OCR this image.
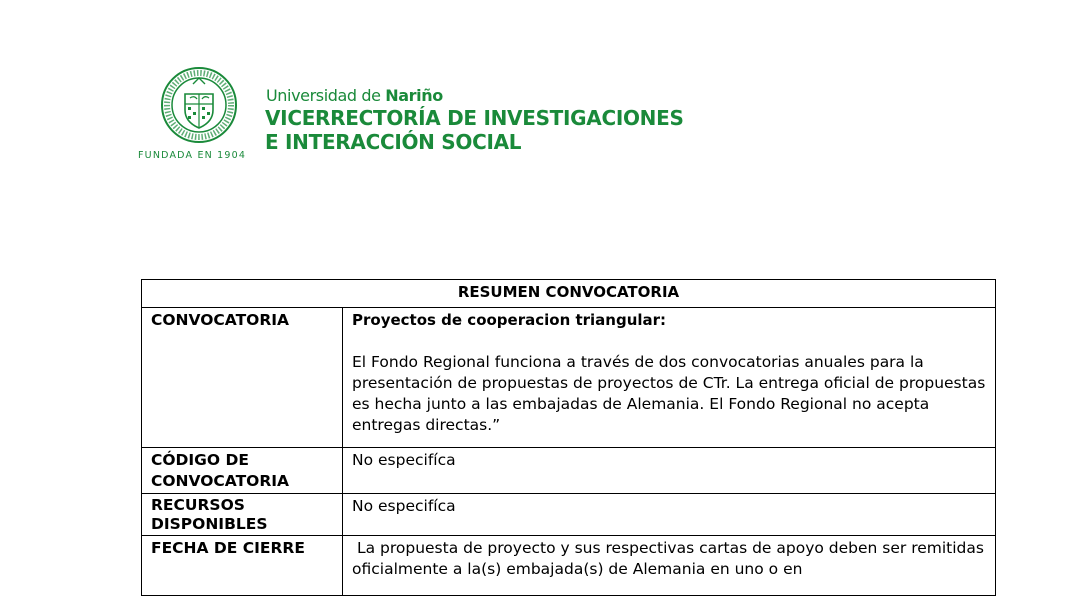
FUNDADA EN 1904
Universidad de Nariño
VICERRECTORÍA DE INVESTIGACIONES
E INTERACCIÓN SOCIAL
RESUMEN CONVOCATORIA	
CONVOCATORIA	Proyectos de cooperacion triangular:
El Fondo Regional funciona a través de dos convocatorias anuales para la presentación de propuestas de proyectos de CTr. La entrega oficial de propuestas es hecha junto a las embajadas de Alemania. El Fondo Regional no acepta entregas directas.”

CÓDIGO DE
CONVOCATORIA	No especifíca

RECURSOS
DISPONIBLES	No especifíca
FECHA DE CIERRE	La propuesta de proyecto y sus respectivas cartas de apoyo deben ser remitidas oficialmente a la(s) embajada(s) de Alemania en uno o en
